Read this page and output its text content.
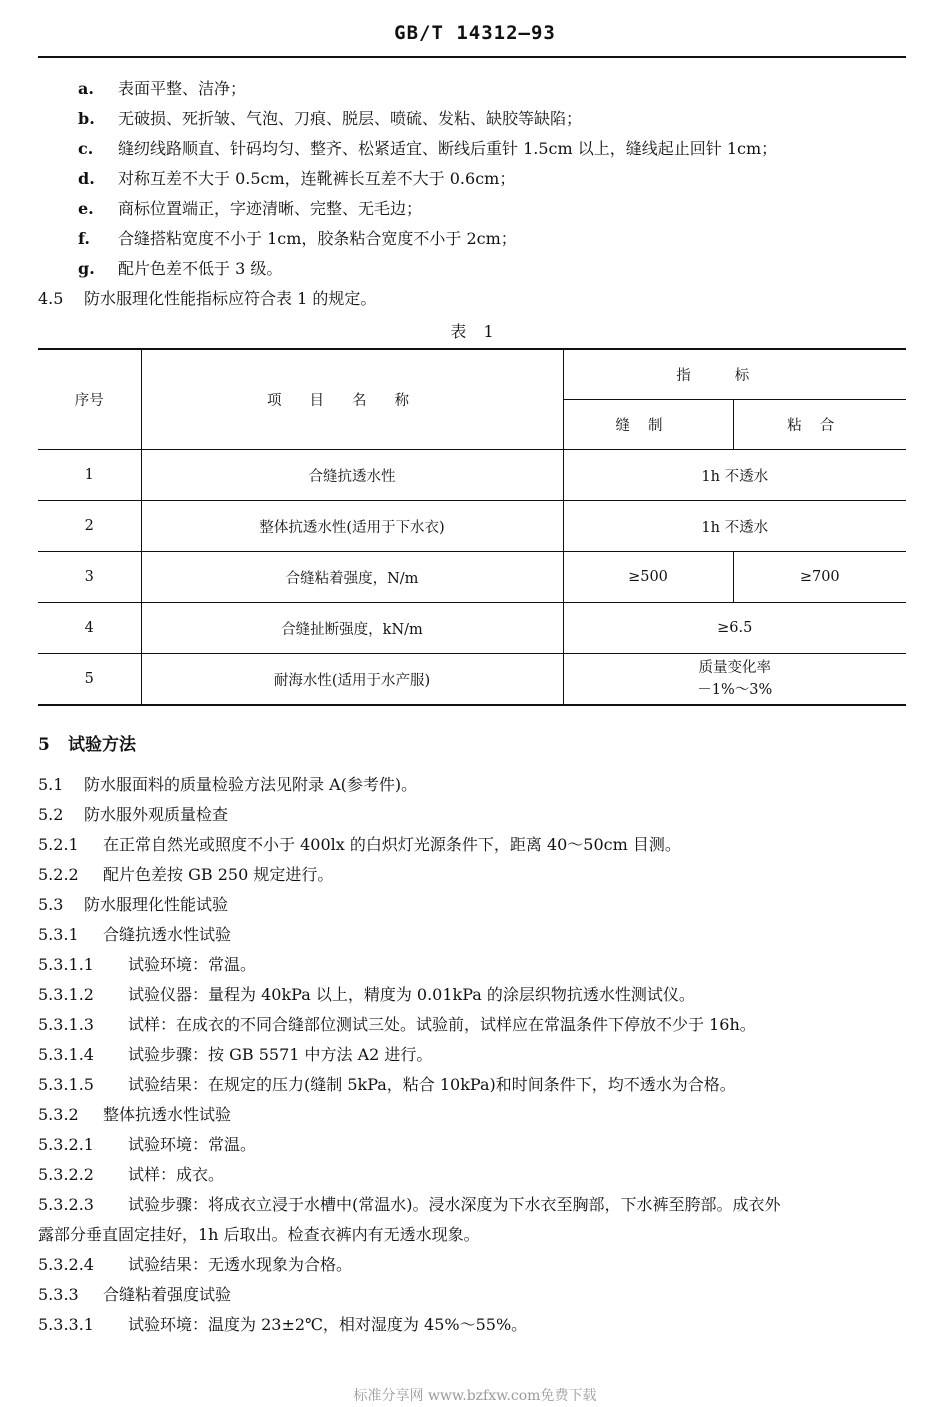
GB/T 14312—93
a. 表面平整、洁净；
b. 无破损、死折皱、气泡、刀痕、脱层、喷硫、发粘、缺胶等缺陷；
c. 缝纫线路顺直、针码均匀、整齐、松紧适宜、断线后重针 1.5cm 以上，缝线起止回针 1cm；
d. 对称互差不大于 0.5cm，连靴裤长互差不大于 0.6cm；
e. 商标位置端正，字迹清晰、完整、无毛边；
f. 合缝搭粘宽度不小于 1cm，胶条粘合宽度不小于 2cm；
g. 配片色差不低于 3 级。
4.5 防水服理化性能指标应符合表 1 的规定。
表 1
序号	项目名称	指标	
		缝制	粘合
1	合缝抗透水性	1h 不透水	
2	整体抗透水性(适用于下水衣)	1h 不透水	
3	合缝粘着强度，N/m	≥500	≥700
4	合缝扯断强度，kN/m	≥6.5	
5	耐海水性(适用于水产服)	质量变化率
－1%～3%	
5 试验方法
5.1 防水服面料的质量检验方法见附录 A(参考件)。
5.2 防水服外观质量检查
5.2.1 在正常自然光或照度不小于 400lx 的白炽灯光源条件下，距离 40～50cm 目测。
5.2.2 配片色差按 GB 250 规定进行。
5.3 防水服理化性能试验
5.3.1 合缝抗透水性试验
5.3.1.1 试验环境：常温。
5.3.1.2 试验仪器：量程为 40kPa 以上，精度为 0.01kPa 的涂层织物抗透水性测试仪。
5.3.1.3 试样：在成衣的不同合缝部位测试三处。试验前，试样应在常温条件下停放不少于 16h。
5.3.1.4 试验步骤：按 GB 5571 中方法 A2 进行。
5.3.1.5 试验结果：在规定的压力(缝制 5kPa，粘合 10kPa)和时间条件下，均不透水为合格。
5.3.2 整体抗透水性试验
5.3.2.1 试验环境：常温。
5.3.2.2 试样：成衣。
5.3.2.3 试验步骤：将成衣立浸于水槽中(常温水)。浸水深度为下水衣至胸部，下水裤至胯部。成衣外
露部分垂直固定挂好，1h 后取出。检查衣裤内有无透水现象。
5.3.2.4 试验结果：无透水现象为合格。
5.3.3 合缝粘着强度试验
5.3.3.1 试验环境：温度为 23±2℃，相对湿度为 45%～55%。
标准分享网 www.bzfxw.com免费下载
